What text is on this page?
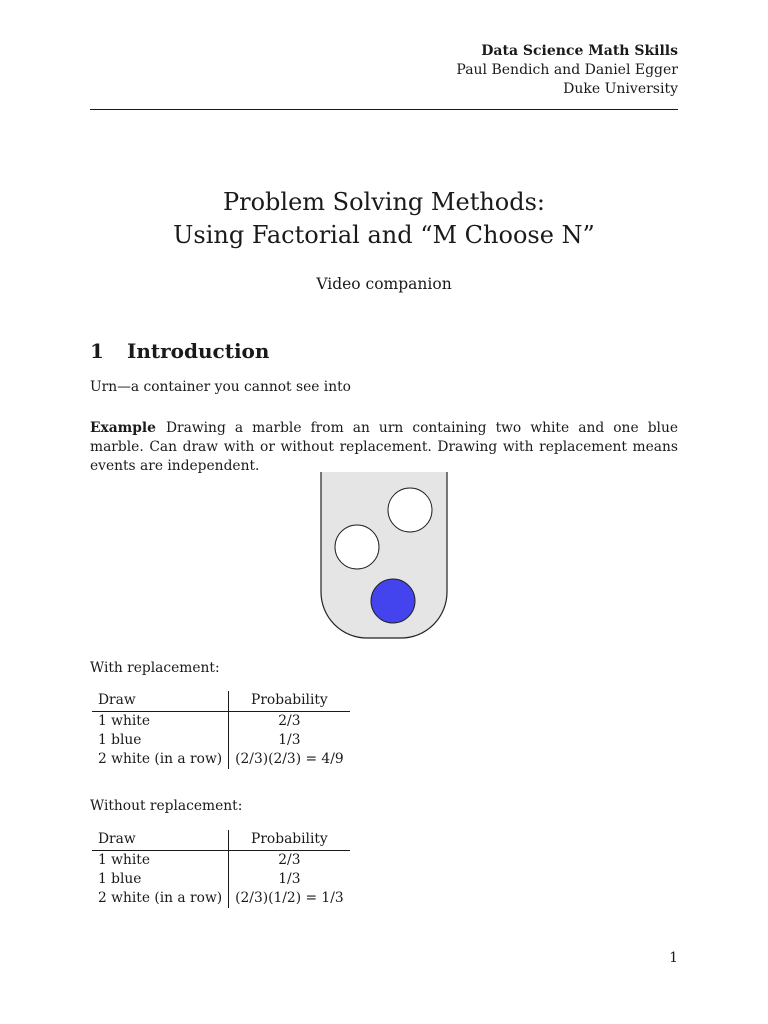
Data Science Math Skills
Paul Bendich and Daniel Egger
Duke University
Problem Solving Methods:
Using Factorial and “M Choose N”
Video companion
1 Introduction
Urn—a container you cannot see into
Example Drawing a marble from an urn containing two white and one blue marble. Can draw with or without replacement. Drawing with replacement means events are independent.
With replacement:
Draw	Probability
1 white	2/3
1 blue	1/3
2 white (in a row)	(2/3)(2/3) = 4/9
Without replacement:
Draw	Probability
1 white	2/3
1 blue	1/3
2 white (in a row)	(2/3)(1/2) = 1/3
1
